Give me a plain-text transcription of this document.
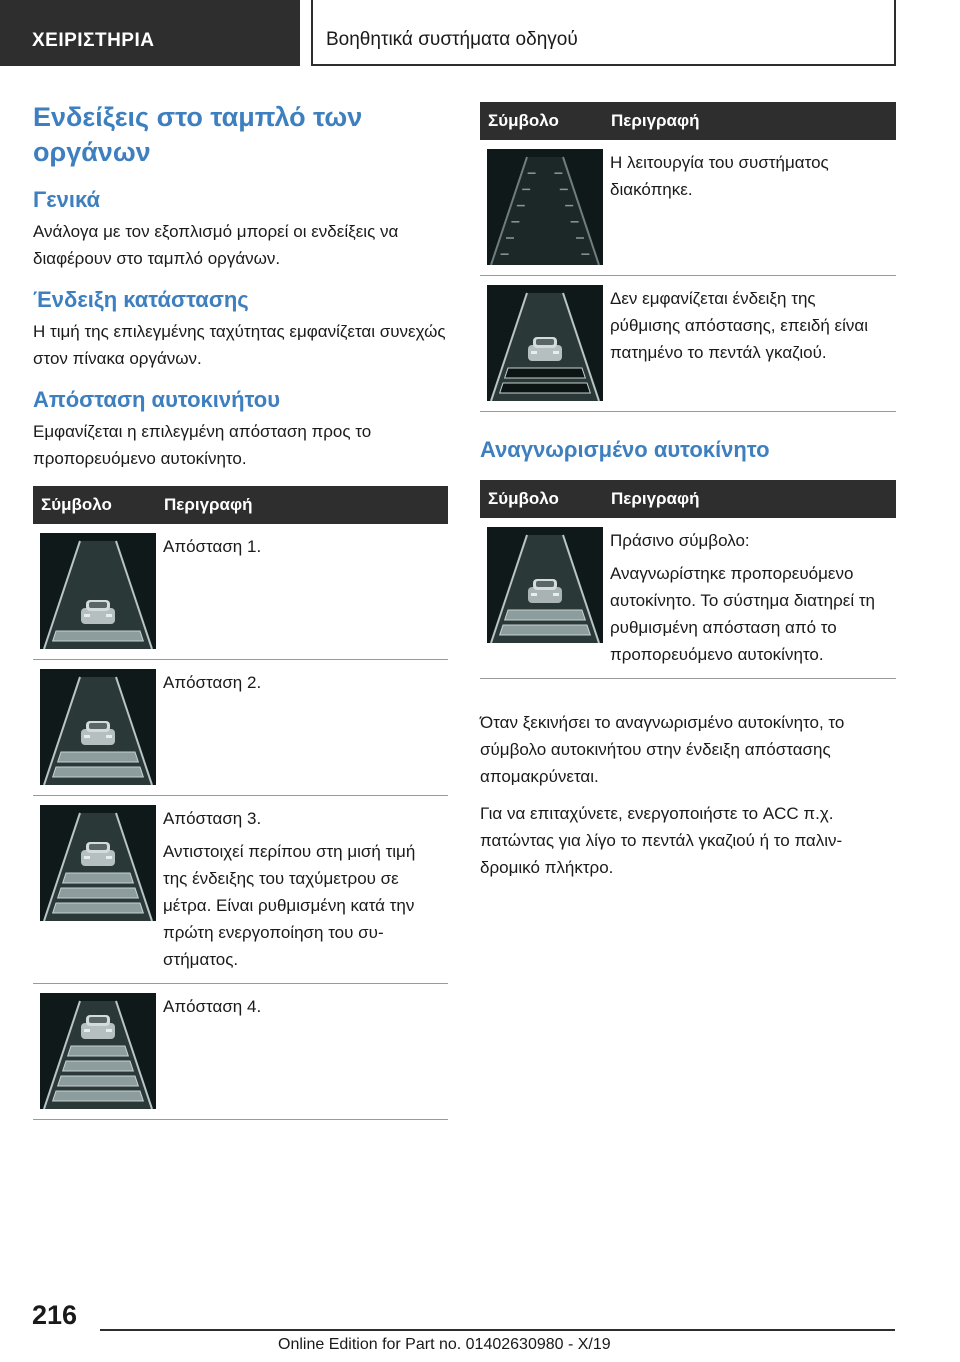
ΧΕΙΡΙΣΤΗΡΙΑ	Βοηθητικά συστήματα οδηγού
Ενδείξεις στο ταμπλό των οργάνων
Γενικά

Ανάλογα με τον εξοπλισμό μπορεί οι ενδείξεις να διαφέρουν στο ταμπλό οργάνων.

Ένδειξη κατάστασης

Η τιμή της επιλεγμένης ταχύτητας εμφανίζεται συνεχώς στον πίνακα οργάνων.

Απόσταση αυτοκινήτου

Εμφανίζεται η επιλεγμένη απόσταση προς το προπορευόμενο αυτοκίνητο.

Σύμβολο	Περιγραφή

Απόσταση 1.

Απόσταση 2.

Απόσταση 3.

Αντιστοιχεί περίπου στη μισή τιμή της ένδειξης του ταχύμετρου σε μέτρα. Είναι ρυθμισμένη κατά την πρώτη ενεργοποίηση του συστήματος.

Απόσταση 4.

Σύμβολο	Περιγραφή

Η λειτουργία του συστήματος διακόπηκε.

Δεν εμφανίζεται ένδειξη της ρύθμισης απόστασης, επειδή είναι πατημένο το πεντάλ γκαζιού.

Αναγνωρισμένο αυτοκίνητο
Σύμβολο	Περιγραφή

Πράσινο σύμβολο:

Αναγνωρίστηκε προπορευόμενο αυτοκίνητο. Το σύστημα διατηρεί τη ρυθμισμένη απόσταση από το προπορευόμενο αυτοκίνητο.

Όταν ξεκινήσει το αναγνωρισμένο αυτοκίνητο, το σύμβολο αυτοκινήτου στην ένδειξη απόστασης απομακρύνεται.

Για να επιταχύνετε, ενεργοποιήστε το ACC π.χ. πατώντας για λίγο το πεντάλ γκαζιού ή το παλινδρομικό πλήκτρο.

216
Online Edition for Part no. 01402630980 - X/19
